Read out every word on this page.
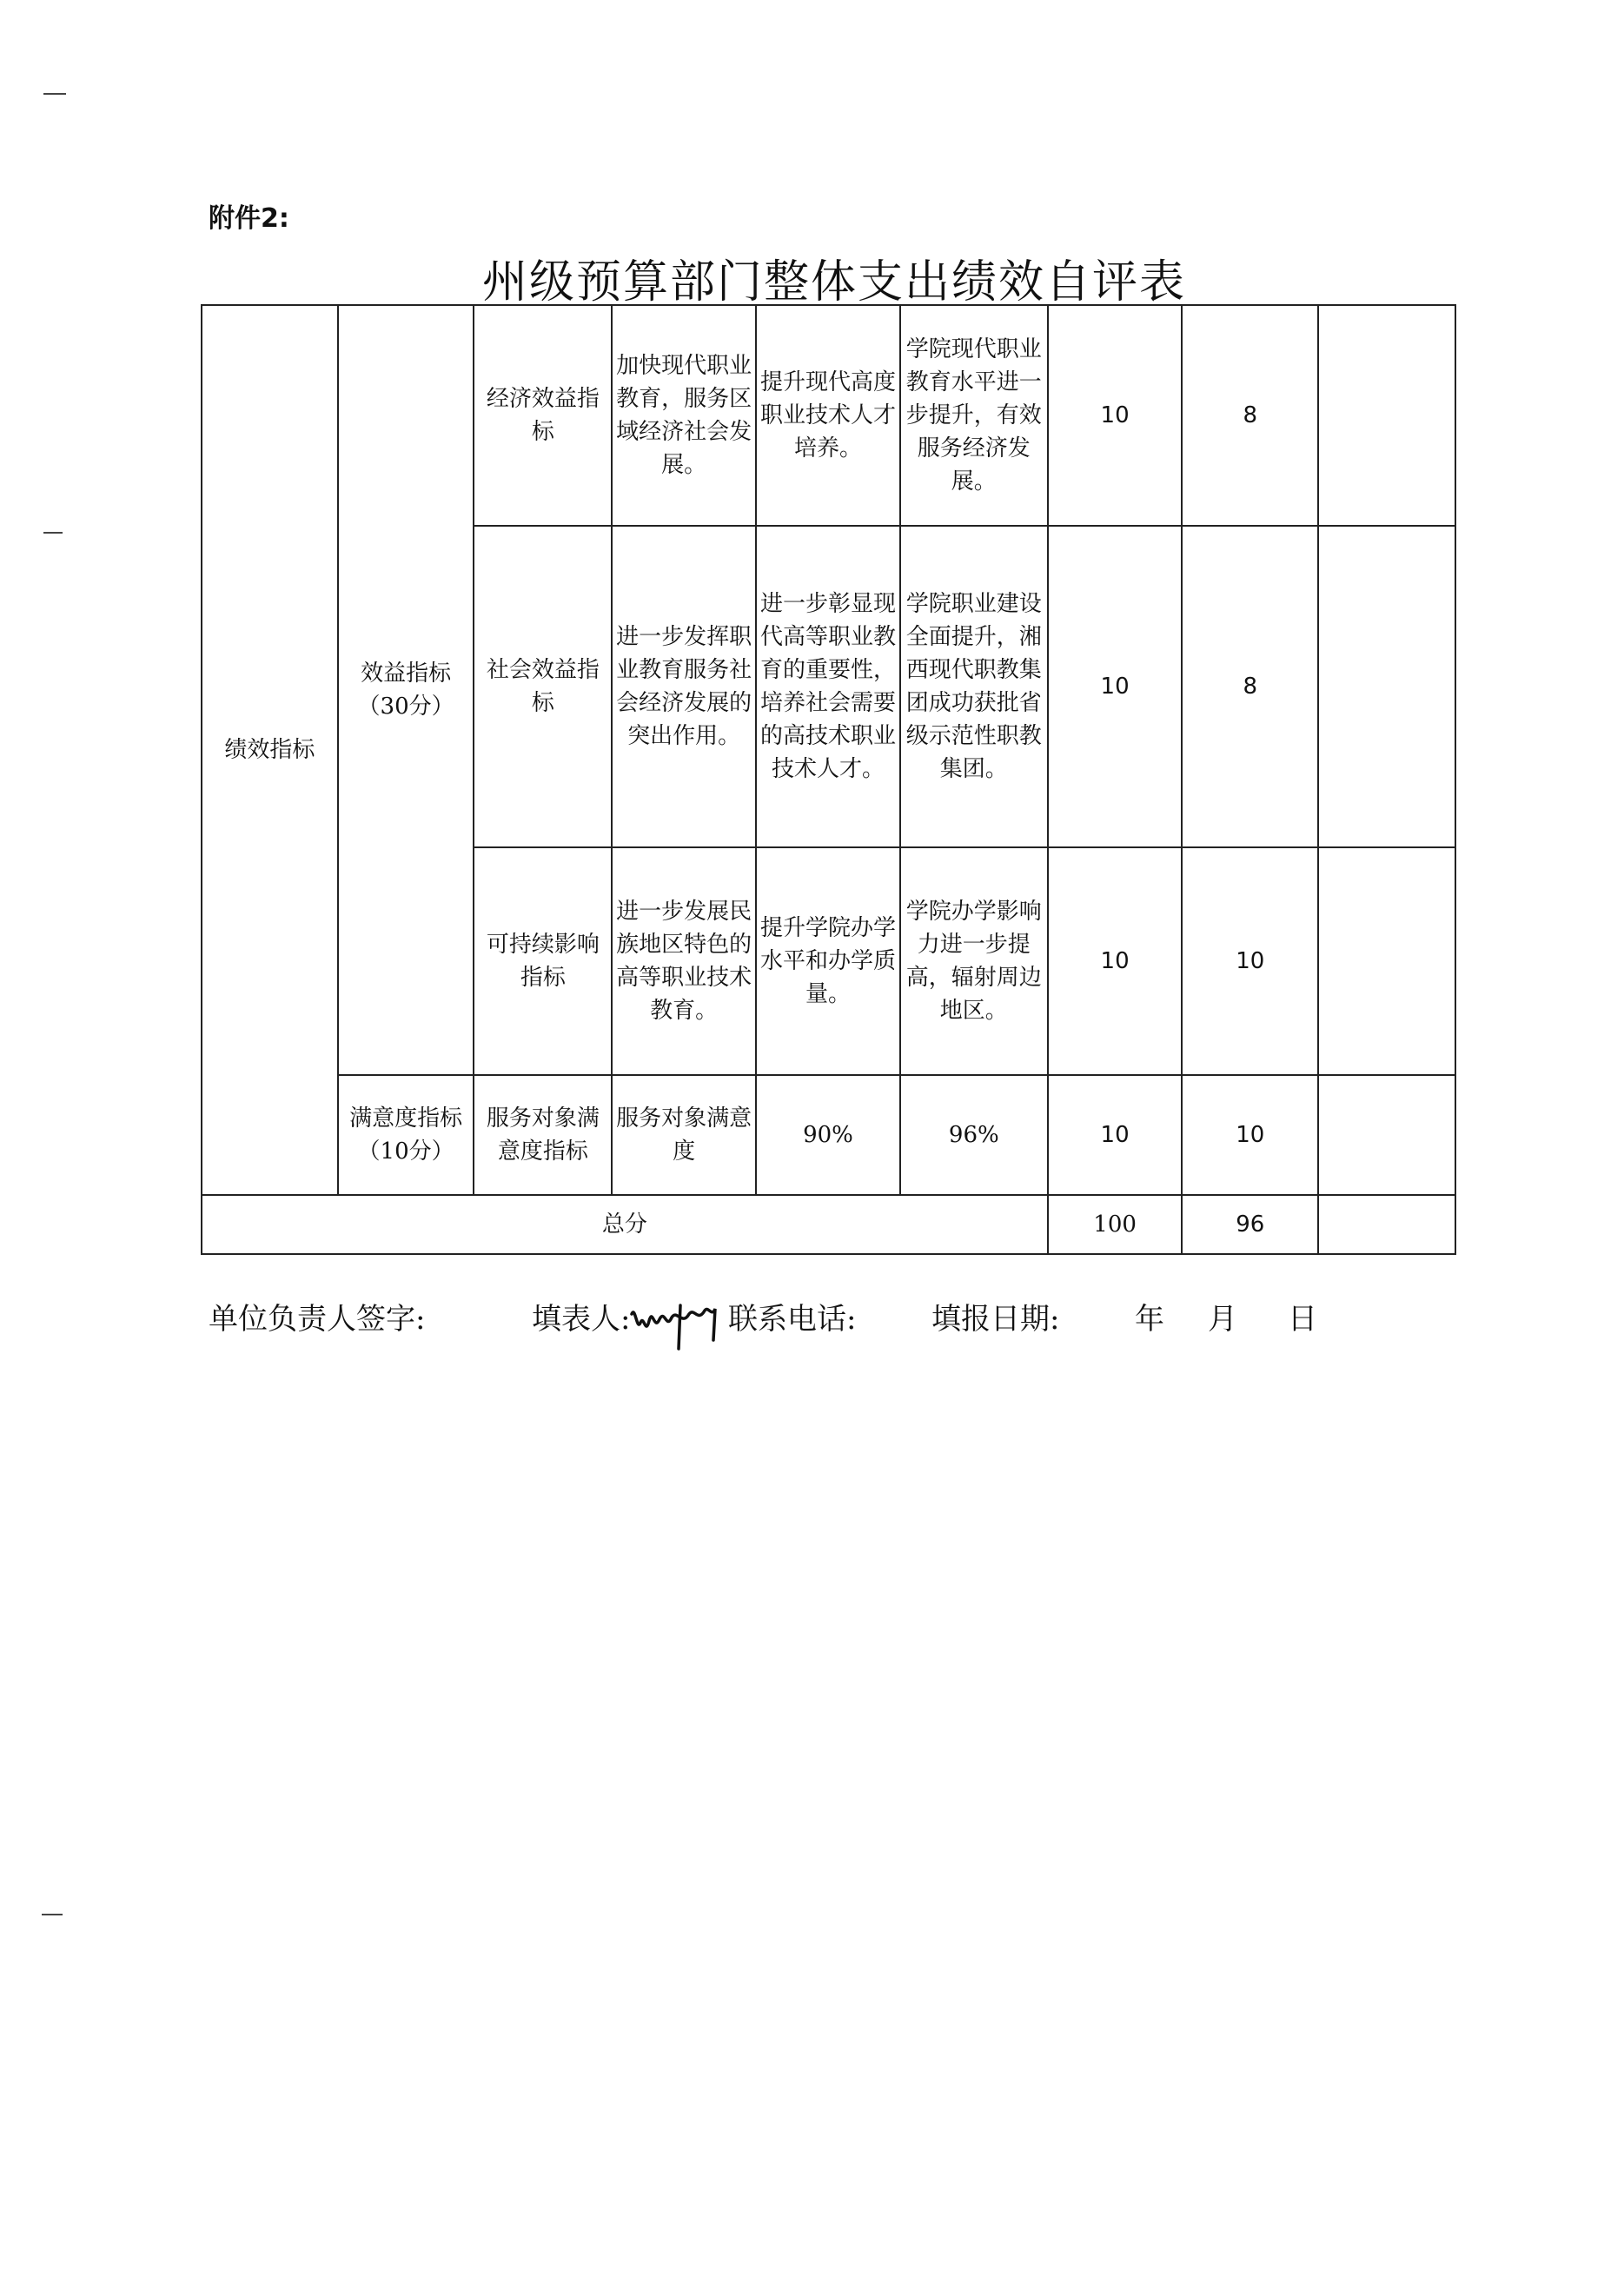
附件2:
州级预算部门整体支出绩效自评表
绩效指标	效益指标（30分）	经济效益指标	加快现代职业教育，服务区域经济社会发展。	提升现代高度职业技术人才培养。	学院现代职业教育水平进一步提升，有效服务经济发展。	10	8	
		社会效益指标	进一步发挥职业教育服务社会经济发展的突出作用。	进一步彰显现代高等职业教育的重要性，培养社会需要的高技术职业技术人才。	学院职业建设全面提升，湘西现代职教集团成功获批省级示范性职教集团。	10	8	
		可持续影响指标	进一步发展民族地区特色的高等职业技术教育。	提升学院办学水平和办学质量。	学院办学影响力进一步提高，辐射周边地区。	10	10	
	满意度指标（10分）	服务对象满意度指标	服务对象满意度	90%	96%	10	10	
总分						100	96	
单位负责人签字:	填表人:	联系电话:	填报日期:	年 月 日
